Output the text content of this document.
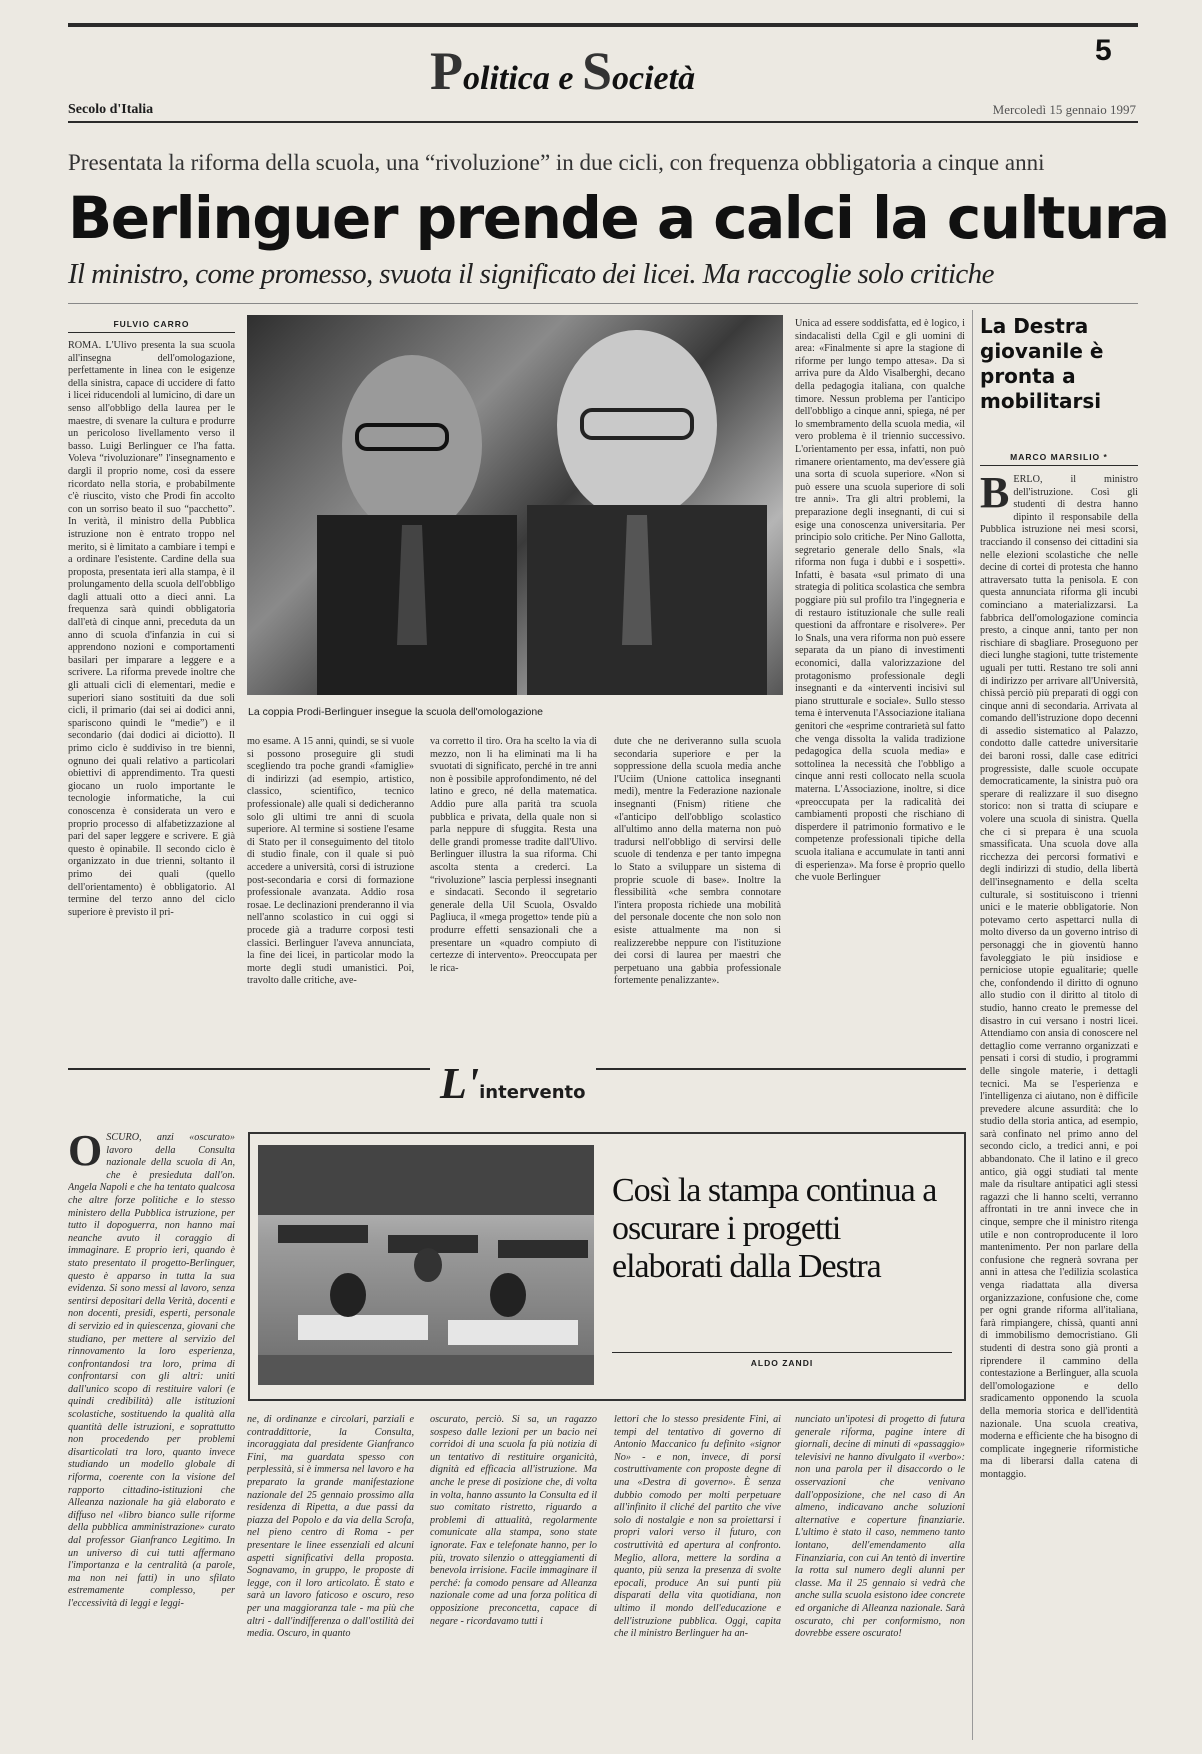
Politica e Società
5
Secolo d'Italia	Mercoledì 15 gennaio 1997
Presentata la riforma della scuola, una “rivoluzione” in due cicli, con frequenza obbligatoria a cinque anni
Berlinguer prende a calci la cultura
Il ministro, come promesso, svuota il significato dei licei. Ma raccoglie solo critiche
FULVIO CARRO
ROMA. L'Ulivo presenta la sua scuola all'insegna dell'omologazione, perfettamente in linea con le esigenze della sinistra, capace di uccidere di fatto i licei riducendoli al lumicino, di dare un senso all'obbligo della laurea per le maestre, di svenare la cultura e produrre un pericoloso livellamento verso il basso. Luigi Berlinguer ce l'ha fatta. Voleva “rivoluzionare” l'insegnamento e dargli il proprio nome, così da essere ricordato nella storia, e probabilmente c'è riuscito, visto che Prodi fin accolto con un sorriso beato il suo “pacchetto”. In verità, il ministro della Pubblica istruzione non è entrato troppo nel merito, si è limitato a cambiare i tempi e a ordinare l'esistente. Cardine della sua proposta, presentata ieri alla stampa, è il prolungamento della scuola dell'obbligo dagli attuali otto a dieci anni. La frequenza sarà quindi obbligatoria dall'età di cinque anni, preceduta da un anno di scuola d'infanzia in cui si apprendono nozioni e comportamenti basilari per imparare a leggere e a scrivere. La riforma prevede inoltre che gli attuali cicli di elementari, medie e superiori siano sostituiti da due soli cicli, il primario (dai sei ai dodici anni, spariscono quindi le “medie”) e il secondario (dai dodici ai diciotto). Il primo ciclo è suddiviso in tre bienni, ognuno dei quali relativo a particolari obiettivi di apprendimento. Tra questi giocano un ruolo importante le tecnologie informatiche, la cui conoscenza è considerata un vero e proprio processo di alfabetizzazione al pari del saper leggere e scrivere. E già questo è opinabile. Il secondo ciclo è organizzato in due trienni, soltanto il primo dei quali (quello dell'orientamento) è obbligatorio. Al termine del terzo anno del ciclo superiore è previsto il pri-
La coppia Prodi-Berlinguer insegue la scuola dell'omologazione
mo esame. A 15 anni, quindi, se si vuole si possono proseguire gli studi scegliendo tra poche grandi «famiglie» di indirizzi (ad esempio, artistico, classico, scientifico, tecnico professionale) alle quali si dedicheranno solo gli ultimi tre anni di scuola superiore. Al termine si sostiene l'esame di Stato per il conseguimento del titolo di studio finale, con il quale si può accedere a università, corsi di istruzione post-secondaria e corsi di formazione professionale avanzata. Addio rosa rosae. Le declinazioni prenderanno il via nell'anno scolastico in cui oggi si procede già a tradurre corposi testi classici. Berlinguer l'aveva annunciata, la fine dei licei, in particolar modo la morte degli studi umanistici. Poi, travolto dalle critiche, ave-
va corretto il tiro. Ora ha scelto la via di mezzo, non li ha eliminati ma li ha svuotati di significato, perché in tre anni non è possibile approfondimento, né del latino e greco, né della matematica. Addio pure alla parità tra scuola pubblica e privata, della quale non si parla neppure di sfuggita. Resta una delle grandi promesse tradite dall'Ulivo. Berlinguer illustra la sua riforma. Chi ascolta stenta a crederci. La “rivoluzione” lascia perplessi insegnanti e sindacati. Secondo il segretario generale della Uil Scuola, Osvaldo Pagliuca, il «mega progetto» tende più a produrre effetti sensazionali che a presentare un «quadro compiuto di certezze di intervento». Preoccupata per le rica-
dute che ne deriveranno sulla scuola secondaria superiore e per la soppressione della scuola media anche l'Uciim (Unione cattolica insegnanti medi), mentre la Federazione nazionale insegnanti (Fnism) ritiene che «l'anticipo dell'obbligo scolastico all'ultimo anno della materna non può tradursi nell'obbligo di servirsi delle scuole di tendenza e per tanto impegna lo Stato a sviluppare un sistema di proprie scuole di base». Inoltre la flessibilità «che sembra connotare l'intera proposta richiede una mobilità del personale docente che non solo non esiste attualmente ma non si realizzerebbe neppure con l'istituzione dei corsi di laurea per maestri che perpetuano una gabbia professionale fortemente penalizzante».
Unica ad essere soddisfatta, ed è logico, i sindacalisti della Cgil e gli uomini di area: «Finalmente si apre la stagione di riforme per lungo tempo attesa». Da sì arriva pure da Aldo Visalberghi, decano della pedagogia italiana, con qualche timore. Nessun problema per l'anticipo dell'obbligo a cinque anni, spiega, né per lo smembramento della scuola media, «il vero problema è il triennio successivo. L'orientamento per essa, infatti, non può rimanere orientamento, ma dev'essere già una sorta di scuola superiore. «Non si può essere una scuola superiore di soli tre anni». Tra gli altri problemi, la preparazione degli insegnanti, di cui si esige una conoscenza universitaria. Per principio solo critiche. Per Nino Gallotta, segretario generale dello Snals, «la riforma non fuga i dubbi e i sospetti». Infatti, è basata «sul primato di una strategia di politica scolastica che sembra poggiare più sul profilo tra l'ingegneria e di restauro istituzionale che sulle reali questioni da affrontare e risolvere». Per lo Snals, una vera riforma non può essere separata da un piano di investimenti economici, dalla valorizzazione del protagonismo professionale degli insegnanti e da «interventi incisivi sul piano strutturale e sociale». Sullo stesso tema è intervenuta l'Associazione italiana genitori che «esprime contrarietà sul fatto che venga dissolta la valida tradizione pedagogica della scuola media» e sottolinea la necessità che l'obbligo a cinque anni resti collocato nella scuola materna. L'Associazione, inoltre, si dice «preoccupata per la radicalità dei cambiamenti proposti che rischiano di disperdere il patrimonio formativo e le competenze professionali tipiche della scuola italiana e accumulate in tanti anni di esperienza». Ma forse è proprio quello che vuole Berlinguer
La Destra giovanile è pronta a mobilitarsi
MARCO MARSILIO *
BERLO, il ministro dell'istruzione. Così gli studenti di destra hanno dipinto il responsabile della Pubblica istruzione nei mesi scorsi, tracciando il consenso dei cittadini sia nelle elezioni scolastiche che nelle decine di cortei di protesta che hanno attraversato tutta la penisola. E con questa annunciata riforma gli incubi cominciano a materializzarsi. La fabbrica dell'omologazione comincia presto, a cinque anni, tanto per non rischiare di sbagliare. Proseguono per dieci lunghe stagioni, tutte tristemente uguali per tutti. Restano tre soli anni di indirizzo per arrivare all'Università, chissà perciò più preparati di oggi con cinque anni di secondaria. Arrivata al comando dell'istruzione dopo decenni di assedio sistematico al Palazzo, condotto dalle cattedre universitarie dei baroni rossi, dalle case editrici progressiste, dalle scuole occupate democraticamente, la sinistra può ora sperare di realizzare il suo disegno storico: non si tratta di sciupare e volere una scuola di sinistra. Quella che ci si prepara è una scuola smassificata. Una scuola dove alla ricchezza dei percorsi formativi e degli indirizzi di studio, della libertà dell'insegnamento e della scelta culturale, si sostituiscono i trienni unici e le materie obbligatorie. Non potevamo certo aspettarci nulla di molto diverso da un governo intriso di personaggi che in gioventù hanno favoleggiato le più insidiose e perniciose utopie egualitarie; quelle che, confondendo il diritto di ognuno allo studio con il diritto al titolo di studio, hanno creato le premesse del disastro in cui versano i nostri licei. Attendiamo con ansia di conoscere nel dettaglio come verranno organizzati e pensati i corsi di studio, i programmi delle singole materie, i dettagli tecnici. Ma se l'esperienza e l'intelligenza ci aiutano, non è difficile prevedere alcune assurdità: che lo studio della storia antica, ad esempio, sarà confinato nel primo anno del secondo ciclo, a tredici anni, e poi abbandonato. Che il latino e il greco antico, già oggi studiati tal mente male da risultare antipatici agli stessi ragazzi che li hanno scelti, verranno affrontati in tre anni invece che in cinque, sempre che il ministro ritenga utile e non controproducente il loro mantenimento. Per non parlare della confusione che regnerà sovrana per anni in attesa che l'edilizia scolastica venga riadattata alla diversa organizzazione, confusione che, come per ogni grande riforma all'italiana, farà rimpiangere, chissà, quanti anni di immobilismo democristiano. Gli studenti di destra sono già pronti a riprendere il cammino della contestazione a Berlinguer, alla scuola dell'omologazione e dello sradicamento opponendo la scuola della memoria storica e dell'identità nazionale. Una scuola creativa, moderna e efficiente che ha bisogno di complicate ingegnerie riformistiche ma di liberarsi dalla catena di montaggio.
L'intervento
OSCURO, anzi «oscurato» lavoro della Consulta nazionale della scuola di An, che è presieduta dall'on. Angela Napoli e che ha tentato qualcosa che altre forze politiche e lo stesso ministero della Pubblica istruzione, per tutto il dopoguerra, non hanno mai neanche avuto il coraggio di immaginare. E proprio ieri, quando è stato presentato il progetto-Berlinguer, questo è apparso in tutta la sua evidenza. Si sono messi al lavoro, senza sentirsi depositari della Verità, docenti e non docenti, presidi, esperti, personale di servizio ed in quiescenza, giovani che studiano, per mettere al servizio del rinnovamento la loro esperienza, confrontandosi tra loro, prima di confrontarsi con gli altri: uniti dall'unico scopo di restituire valori (e quindi credibilità) alle istituzioni scolastiche, sostituendo la qualità alla quantità delle istruzioni, e soprattutto non procedendo per problemi disarticolati tra loro, quanto invece studiando un modello globale di riforma, coerente con la visione del rapporto cittadino-istituzioni che Alleanza nazionale ha già elaborato e diffuso nel «libro bianco sulle riforme della pubblica amministrazione» curato dal professor Gianfranco Legitimo. In un universo di cui tutti affermano l'importanza e la centralità (a parole, ma non nei fatti) in uno sfilato estremamente complesso, per l'eccessività di leggi e leggi-
Così la stampa continua a oscurare i progetti elaborati dalla Destra
ALDO ZANDI
ne, di ordinanze e circolari, parziali e contraddittorie, la Consulta, incoraggiata dal presidente Gianfranco Fini, ma guardata spesso con perplessità, si è immersa nel lavoro e ha preparato la grande manifestazione nazionale del 25 gennaio prossimo alla residenza di Ripetta, a due passi da piazza del Popolo e da via della Scrofa, nel pieno centro di Roma - per presentare le linee essenziali ed alcuni aspetti significativi della proposta. Sognavamo, in gruppo, le proposte di legge, con il loro articolato. È stato e sarà un lavoro faticoso e oscuro, reso per una maggioranza tale - ma più che altri - dall'indifferenza o dall'ostilità dei media. Oscuro, in quanto
oscurato, perciò. Si sa, un ragazzo sospeso dalle lezioni per un bacio nei corridoi di una scuola fa più notizia di un tentativo di restituire organicità, dignità ed efficacia all'istruzione. Ma anche le prese di posizione che, di volta in volta, hanno assunto la Consulta ed il suo comitato ristretto, riguardo a problemi di attualità, regolarmente comunicate alla stampa, sono state ignorate. Fax e telefonate hanno, per lo più, trovato silenzio o atteggiamenti di benevola irrisione. Facile immaginare il perché: fa comodo pensare ad Alleanza nazionale come ad una forza politica di opposizione preconcetta, capace di negare - ricordavamo tutti i
lettori che lo stesso presidente Fini, ai tempi del tentativo di governo di Antonio Maccanico fu definito «signor No» - e non, invece, di porsi costruttivamente con proposte degne di una «Destra di governo». È senza dubbio comodo per molti perpetuare all'infinito il cliché del partito che vive solo di nostalgie e non sa proiettarsi i propri valori verso il futuro, con costruttività ed apertura al confronto. Meglio, allora, mettere la sordina a quanto, più senza la presenza di svolte epocali, produce An sui punti più disparati della vita quotidiana, non ultimo il mondo dell'educazione e dell'istruzione pubblica. Oggi, capita che il ministro Berlinguer ha an-
nunciato un'ipotesi di progetto di futura generale riforma, pagine intere di giornali, decine di minuti di «passaggio» televisivi ne hanno divulgato il «verbo»: non una parola per il disaccordo o le osservazioni che venivano dall'opposizione, che nel caso di An almeno, indicavano anche soluzioni alternative e coperture finanziarie. L'ultimo è stato il caso, nemmeno tanto lontano, dell'emendamento alla Finanziaria, con cui An tentò di invertire la rotta sul numero degli alunni per classe. Ma il 25 gennaio si vedrà che anche sulla scuola esistono idee concrete ed organiche di Alleanza nazionale. Sarà oscurato, chi per conformismo, non dovrebbe essere oscurato!
